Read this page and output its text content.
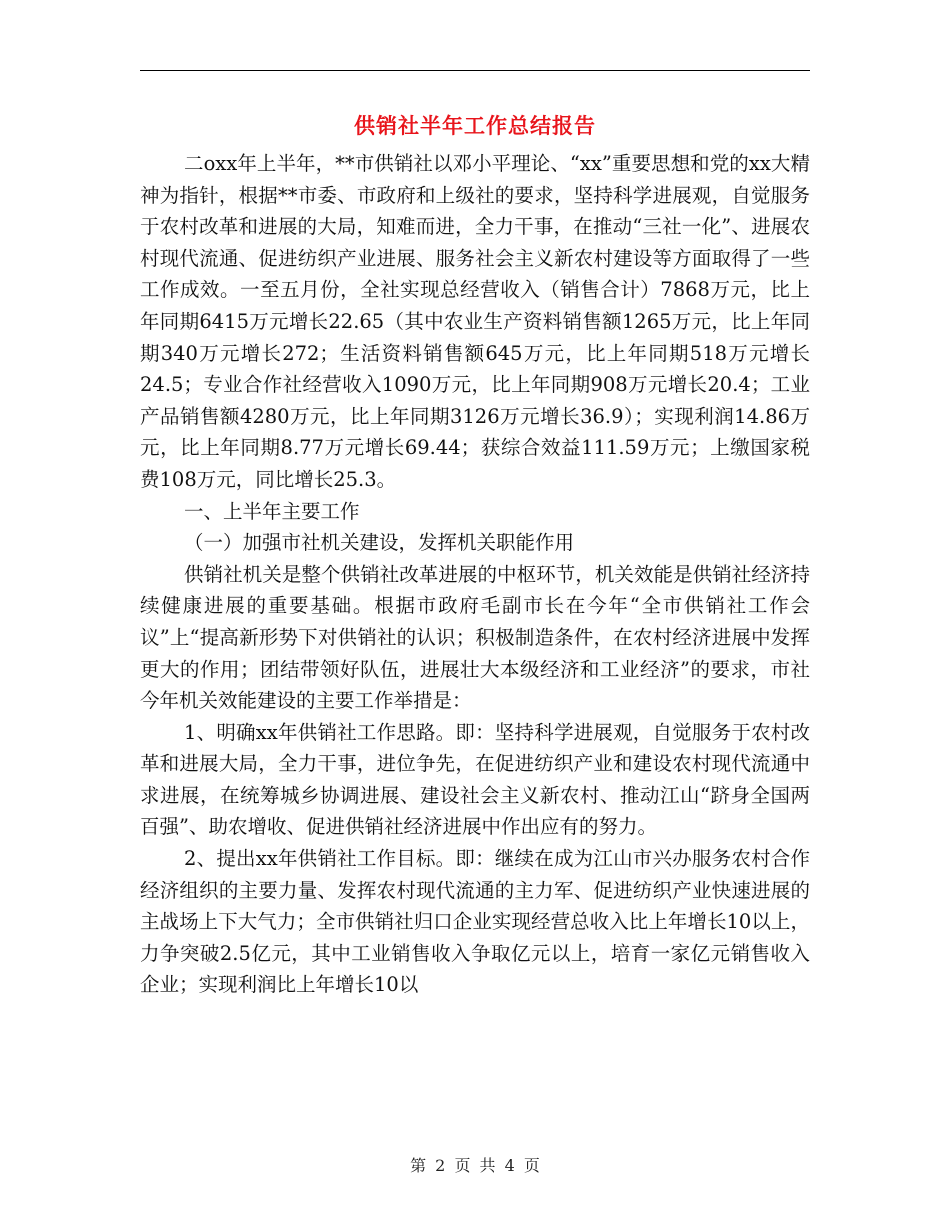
供销社半年工作总结报告

二oxx年上半年，**市供销社以邓小平理论、“xx”重要思想和党的xx大精神为指针，根据**市委、市政府和上级社的要求，坚持科学进展观，自觉服务于农村改革和进展的大局，知难而进，全力干事，在推动“三社一化”、进展农村现代流通、促进纺织产业进展、服务社会主义新农村建设等方面取得了一些工作成效。一至五月份，全社实现总经营收入（销售合计）7868万元，比上年同期6415万元增长22.65（其中农业生产资料销售额1265万元，比上年同期340万元增长272；生活资料销售额645万元，比上年同期518万元增长24.5；专业合作社经营收入1090万元，比上年同期908万元增长20.4；工业产品销售额4280万元，比上年同期3126万元增长36.9）；实现利润14.86万元，比上年同期8.77万元增长69.44；获综合效益111.59万元；上缴国家税费108万元，同比增长25.3。

一、上半年主要工作

（一）加强市社机关建设，发挥机关职能作用

供销社机关是整个供销社改革进展的中枢环节，机关效能是供销社经济持续健康进展的重要基础。根据市政府毛副市长在今年“全市供销社工作会议”上“提高新形势下对供销社的认识；积极制造条件，在农村经济进展中发挥更大的作用；团结带领好队伍，进展壮大本级经济和工业经济”的要求，市社今年机关效能建设的主要工作举措是：

1、明确xx年供销社工作思路。即：坚持科学进展观，自觉服务于农村改革和进展大局，全力干事，进位争先，在促进纺织产业和建设农村现代流通中求进展，在统筹城乡协调进展、建设社会主义新农村、推动江山“跻身全国两百强”、助农增收、促进供销社经济进展中作出应有的努力。

2、提出xx年供销社工作目标。即：继续在成为江山市兴办服务农村合作经济组织的主要力量、发挥农村现代流通的主力军、促进纺织产业快速进展的主战场上下大气力；全市供销社归口企业实现经营总收入比上年增长10以上，力争突破2.5亿元，其中工业销售收入争取亿元以上，培育一家亿元销售收入企业；实现利润比上年增长10以

第 2 页 共 4 页
